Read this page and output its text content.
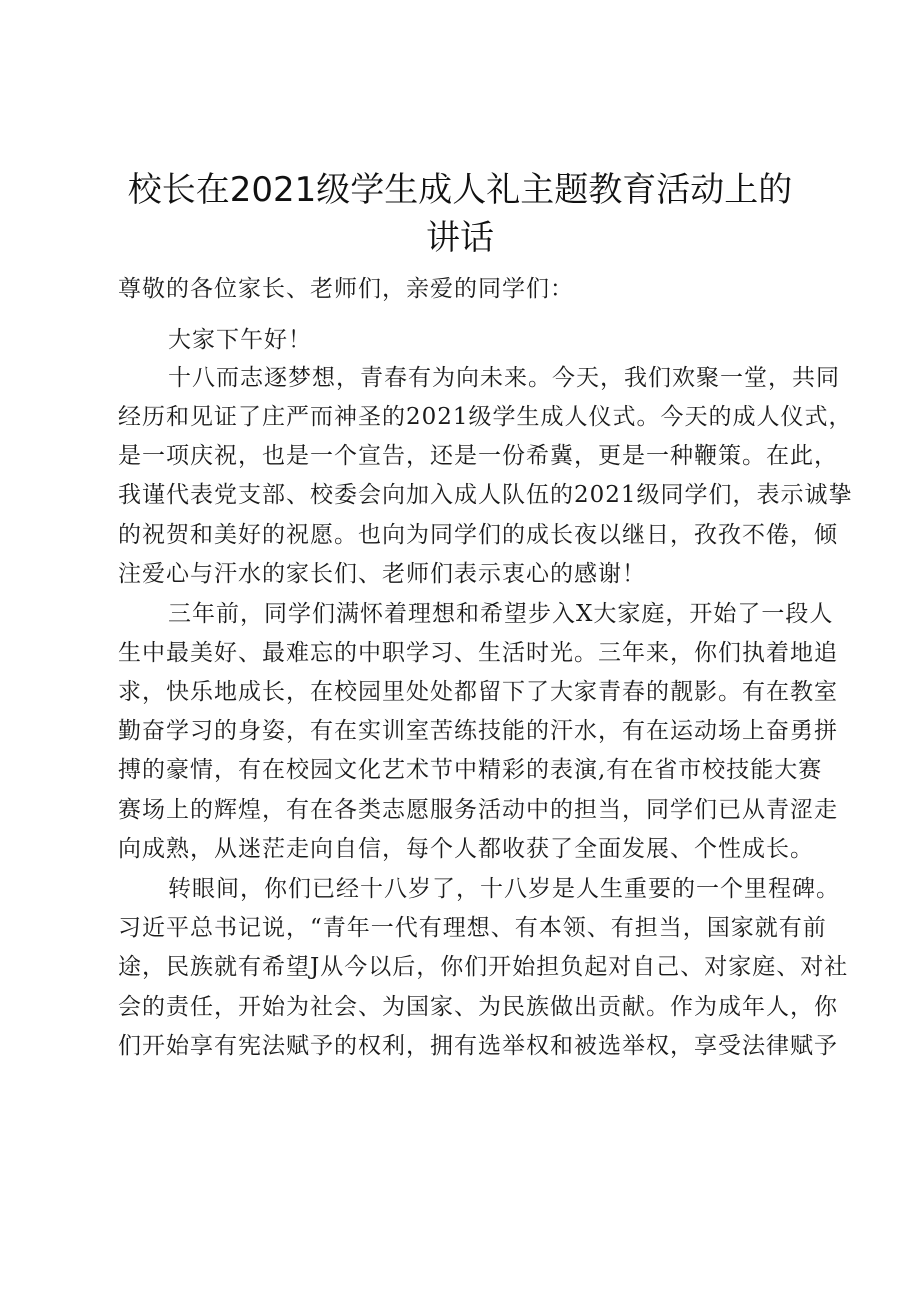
校长在2021级学生成人礼主题教育活动上的
讲话
尊敬的各位家长、老师们，亲爱的同学们：
大家下午好！
十八而志逐梦想，青春有为向未来。今天，我们欢聚一堂，共同
经历和见证了庄严而神圣的2021级学生成人仪式。今天的成人仪式，
是一项庆祝，也是一个宣告，还是一份希冀，更是一种鞭策。在此，
我谨代表党支部、校委会向加入成人队伍的2021级同学们，表示诚挚
的祝贺和美好的祝愿。也向为同学们的成长夜以继日，孜孜不倦，倾
注爱心与汗水的家长们、老师们表示衷心的感谢！
三年前，同学们满怀着理想和希望步入X大家庭，开始了一段人
生中最美好、最难忘的中职学习、生活时光。三年来，你们执着地追
求，快乐地成长，在校园里处处都留下了大家青春的靓影。有在教室
勤奋学习的身姿，有在实训室苦练技能的汗水，有在运动场上奋勇拼
搏的豪情，有在校园文化艺术节中精彩的表演,有在省市校技能大赛
赛场上的辉煌，有在各类志愿服务活动中的担当，同学们已从青涩走
向成熟，从迷茫走向自信，每个人都收获了全面发展、个性成长。
转眼间，你们已经十八岁了，十八岁是人生重要的一个里程碑。
习近平总书记说，“青年一代有理想、有本领、有担当，国家就有前
途，民族就有希望J从今以后，你们开始担负起对自己、对家庭、对社
会的责任，开始为社会、为国家、为民族做出贡献。作为成年人，你
们开始享有宪法赋予的权利，拥有选举权和被选举权，享受法律赋予
